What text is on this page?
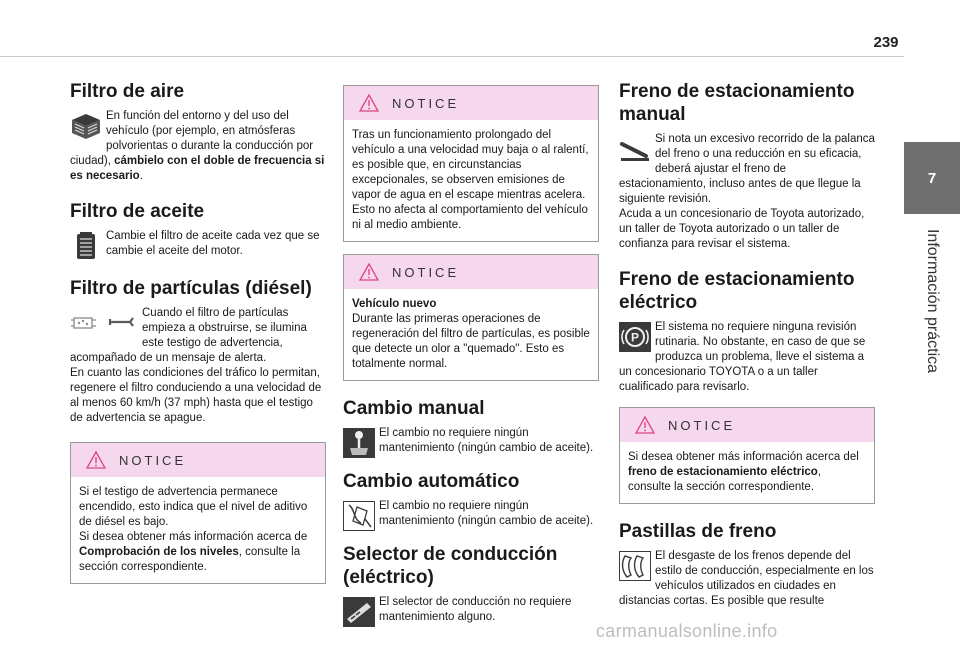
239
7
Información práctica
Filtro de aire

En función del entorno y del uso del vehículo (por ejemplo, en atmósferas polvorientas o durante la conducción por ciudad), cámbielo con el doble de frecuencia si es necesario.

Filtro de aceite

Cambie el filtro de aceite cada vez que se cambie el aceite del motor.

Filtro de partículas (diésel)

Cuando el filtro de partículas empieza a obstruirse, se ilumina este testigo de advertencia, acompañado de un mensaje de alerta.

En cuanto las condiciones del tráfico lo permitan, regenere el filtro conduciendo a una velocidad de al menos 60 km/h (37 mph) hasta que el testigo de advertencia se apague.

NOTICE

Si el testigo de advertencia permanece encendido, esto indica que el nivel de aditivo de diésel es bajo.

Si desea obtener más información acerca de Comprobación de los niveles, consulte la sección correspondiente.

NOTICE

Tras un funcionamiento prolongado del vehículo a una velocidad muy baja o al ralentí, es posible que, en circunstancias excepcionales, se observen emisiones de vapor de agua en el escape mientras acelera. Esto no afecta al comportamiento del vehículo ni al medio ambiente.

NOTICE

Vehículo nuevo

Durante las primeras operaciones de regeneración del filtro de partículas, es posible que detecte un olor a "quemado". Esto es totalmente normal.

Cambio manual

El cambio no requiere ningún mantenimiento (ningún cambio de aceite).

Cambio automático

El cambio no requiere ningún mantenimiento (ningún cambio de aceite).

Selector de conducción
(eléctrico)

El selector de conducción no requiere mantenimiento alguno.

Freno de estacionamiento
manual

Si nota un excesivo recorrido de la palanca del freno o una reducción en su eficacia, deberá ajustar el freno de estacionamiento, incluso antes de que llegue la siguiente revisión.

Acuda a un concesionario de Toyota autorizado, un taller de Toyota autorizado o un taller de confianza para revisar el sistema.

Freno de estacionamiento
eléctrico
P

El sistema no requiere ninguna revisión rutinaria. No obstante, en caso de que se produzca un problema, lleve el sistema a un concesionario TOYOTA o a un taller cualificado para revisarlo.

NOTICE

Si desea obtener más información acerca del freno de estacionamiento eléctrico, consulte la sección correspondiente.

Pastillas de freno

El desgaste de los frenos depende del estilo de conducción, especialmente en los vehículos utilizados en ciudades en distancias cortas. Es posible que resulte

carmanualsonline.info
